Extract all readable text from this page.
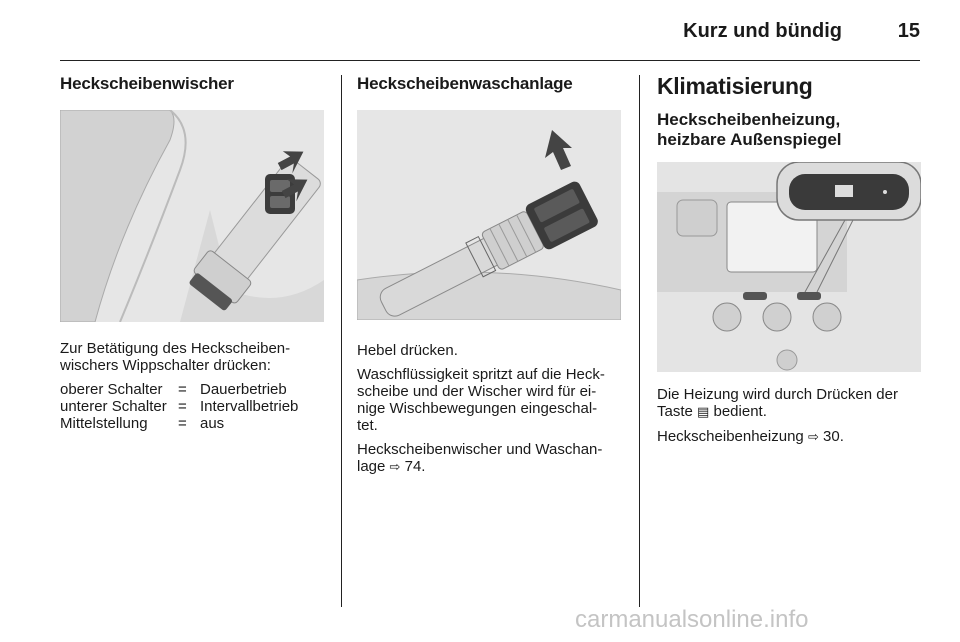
Kurz und bündig	15
Heckscheibenwischer

Zur Betätigung des Heckscheiben-
wischers Wippschalter drücken:

oberer Schalter	= Dauerbetrieb
unterer Schalter = Intervallbetrieb
Mittelstellung	= aus
Heckscheibenwaschanlage

Hebel drücken.

Waschflüssigkeit spritzt auf die Heck-
scheibe und der Wischer wird für ei-
nige Wischbewegungen eingeschal-
tet.

Heckscheibenwischer und Waschan-
lage ⇨ 74.

Klimatisierung
Heckscheibenheizung,
heizbare Außenspiegel

Die Heizung wird durch Drücken der
Taste ▤ bedient.

Heckscheibenheizung ⇨ 30.

carmanualsonline.info
